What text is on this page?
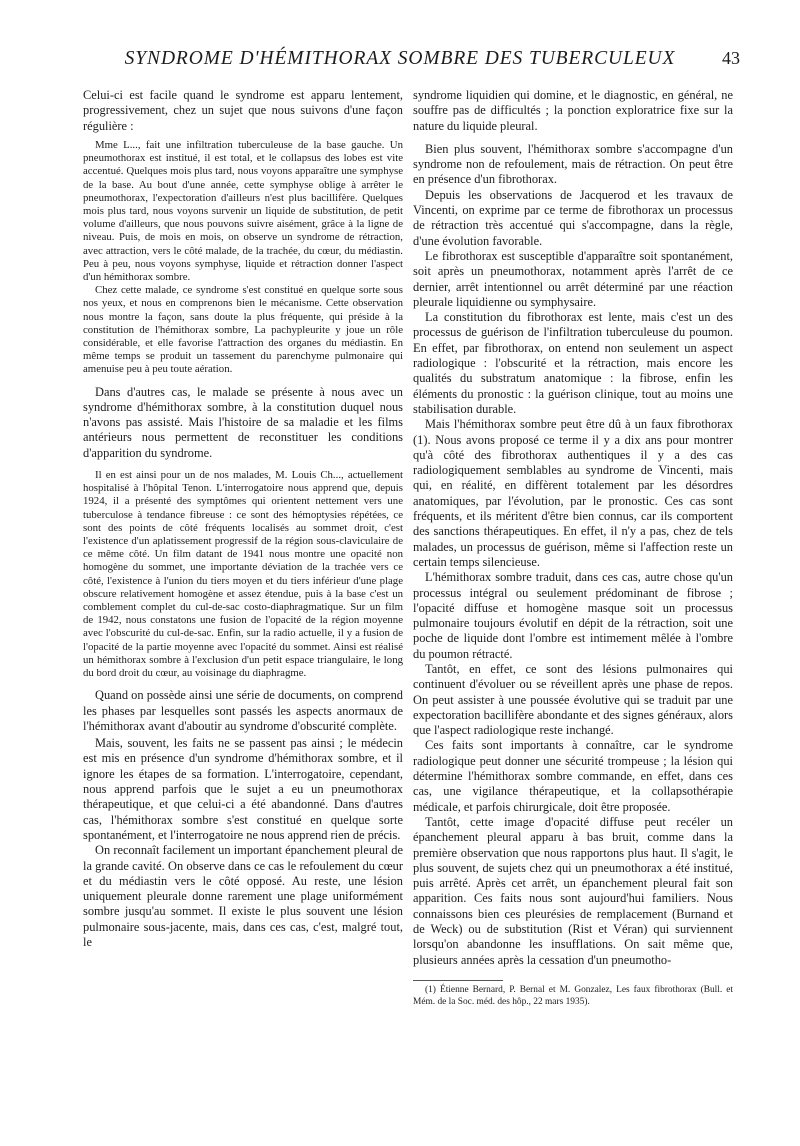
SYNDROME D'HÉMITHORAX SOMBRE DES TUBERCULEUX	43

Celui-ci est facile quand le syndrome est apparu lentement, progressivement, chez un sujet que nous suivons d'une façon régulière :

Mme L..., fait une infiltration tuberculeuse de la base gauche. Un pneumothorax est institué, il est total, et le collapsus des lobes est vite accentué. Quelques mois plus tard, nous voyons apparaître une symphyse de la base. Au bout d'une année, cette symphyse oblige à arrêter le pneumothorax, l'expectoration d'ailleurs n'est plus bacillifère. Quelques mois plus tard, nous voyons survenir un liquide de substitution, de petit volume d'ailleurs, que nous pouvons suivre aisément, grâce à la ligne de niveau. Puis, de mois en mois, on observe un syndrome de rétraction, avec attraction, vers le côté malade, de la trachée, du cœur, du médiastin. Peu à peu, nous voyons symphyse, liquide et rétraction donner l'aspect d'un hémithorax sombre.

Chez cette malade, ce syndrome s'est constitué en quelque sorte sous nos yeux, et nous en comprenons bien le mécanisme. Cette observation nous montre la façon, sans doute la plus fréquente, qui préside à la constitution de l'hémithorax sombre, La pachypleurite y joue un rôle considérable, et elle favorise l'attraction des organes du médiastin. En même temps se produit un tassement du parenchyme pulmonaire qui amenuise peu à peu toute aération.

Dans d'autres cas, le malade se présente à nous avec un syndrome d'hémithorax sombre, à la constitution duquel nous n'avons pas assisté. Mais l'histoire de sa maladie et les films antérieurs nous permettent de reconstituer les conditions d'apparition du syndrome.

Il en est ainsi pour un de nos malades, M. Louis Ch..., actuellement hospitalisé à l'hôpital Tenon. L'interrogatoire nous apprend que, depuis 1924, il a présenté des symptômes qui orientent nettement vers une tuberculose à tendance fibreuse : ce sont des hémoptysies répétées, ce sont des points de côté fréquents localisés au sommet droit, c'est l'existence d'un aplatissement progressif de la région sous-claviculaire de ce même côté. Un film datant de 1941 nous montre une opacité non homogène du sommet, une importante déviation de la trachée vers ce côté, l'existence à l'union du tiers moyen et du tiers inférieur d'une plage obscure relativement homogène et assez étendue, puis à la base c'est un comblement complet du cul-de-sac costo-diaphragmatique. Sur un film de 1942, nous constatons une fusion de l'opacité de la région moyenne avec l'obscurité du cul-de-sac. Enfin, sur la radio actuelle, il y a fusion de l'opacité de la partie moyenne avec l'opacité du sommet. Ainsi est réalisé un hémithorax sombre à l'exclusion d'un petit espace triangulaire, le long du bord droit du cœur, au voisinage du diaphragme.

Quand on possède ainsi une série de documents, on comprend les phases par lesquelles sont passés les aspects anormaux de l'hémithorax avant d'aboutir au syndrome d'obscurité complète.

Mais, souvent, les faits ne se passent pas ainsi ; le médecin est mis en présence d'un syndrome d'hémithorax sombre, et il ignore les étapes de sa formation. L'interrogatoire, cependant, nous apprend parfois que le sujet a eu un pneumothorax thérapeutique, et que celui-ci a été abandonné. Dans d'autres cas, l'hémithorax sombre s'est constitué en quelque sorte spontanément, et l'interrogatoire ne nous apprend rien de précis.

On reconnaît facilement un important épanchement pleural de la grande cavité. On observe dans ce cas le refoulement du cœur et du médiastin vers le côté opposé. Au reste, une lésion uniquement pleurale donne rarement une plage uniformément sombre jusqu'au sommet. Il existe le plus souvent une lésion pulmonaire sous-jacente, mais, dans ces cas, c'est, malgré tout, le

syndrome liquidien qui domine, et le diagnostic, en général, ne souffre pas de difficultés ; la ponction exploratrice fixe sur la nature du liquide pleural.

Bien plus souvent, l'hémithorax sombre s'accompagne d'un syndrome non de refoulement, mais de rétraction. On peut être en présence d'un fibrothorax.

Depuis les observations de Jacquerod et les travaux de Vincenti, on exprime par ce terme de fibrothorax un processus de rétraction très accentué qui s'accompagne, dans la règle, d'une évolution favorable.

Le fibrothorax est susceptible d'apparaître soit spontanément, soit après un pneumothorax, notamment après l'arrêt de ce dernier, arrêt intentionnel ou arrêt déterminé par une réaction pleurale liquidienne ou symphysaire.

La constitution du fibrothorax est lente, mais c'est un des processus de guérison de l'infiltration tuberculeuse du poumon. En effet, par fibrothorax, on entend non seulement un aspect radiologique : l'obscurité et la rétraction, mais encore les qualités du substratum anatomique : la fibrose, enfin les éléments du pronostic : la guérison clinique, tout au moins une stabilisation durable.

Mais l'hémithorax sombre peut être dû à un faux fibrothorax (1). Nous avons proposé ce terme il y a dix ans pour montrer qu'à côté des fibrothorax authentiques il y a des cas radiologiquement semblables au syndrome de Vincenti, mais qui, en réalité, en diffèrent totalement par les désordres anatomiques, par l'évolution, par le pronostic. Ces cas sont fréquents, et ils méritent d'être bien connus, car ils comportent des sanctions thérapeutiques. En effet, il n'y a pas, chez de tels malades, un processus de guérison, même si l'affection reste un certain temps silencieuse.

L'hémithorax sombre traduit, dans ces cas, autre chose qu'un processus intégral ou seulement prédominant de fibrose ; l'opacité diffuse et homogène masque soit un processus pulmonaire toujours évolutif en dépit de la rétraction, soit une poche de liquide dont l'ombre est intimement mêlée à l'ombre du poumon rétracté.

Tantôt, en effet, ce sont des lésions pulmonaires qui continuent d'évoluer ou se réveillent après une phase de repos. On peut assister à une poussée évolutive qui se traduit par une expectoration bacillifère abondante et des signes généraux, alors que l'aspect radiologique reste inchangé.

Ces faits sont importants à connaître, car le syndrome radiologique peut donner une sécurité trompeuse ; la lésion qui détermine l'hémithorax sombre commande, en effet, dans ces cas, une vigilance thérapeutique, et la collapsothérapie médicale, et parfois chirurgicale, doit être proposée.

Tantôt, cette image d'opacité diffuse peut recéler un épanchement pleural apparu à bas bruit, comme dans la première observation que nous rapportons plus haut. Il s'agit, le plus souvent, de sujets chez qui un pneumothorax a été institué, puis arrêté. Après cet arrêt, un épanchement pleural fait son apparition. Ces faits nous sont aujourd'hui familiers. Nous connaissons bien ces pleurésies de remplacement (Burnand et de Weck) ou de substitution (Rist et Véran) qui surviennent lorsqu'on abandonne les insufflations. On sait même que, plusieurs années après la cessation d'un pneumotho-

(1) Étienne Bernard, P. Bernal et M. Gonzalez, Les faux fibrothorax (Bull. et Mém. de la Soc. méd. des hôp., 22 mars 1935).
